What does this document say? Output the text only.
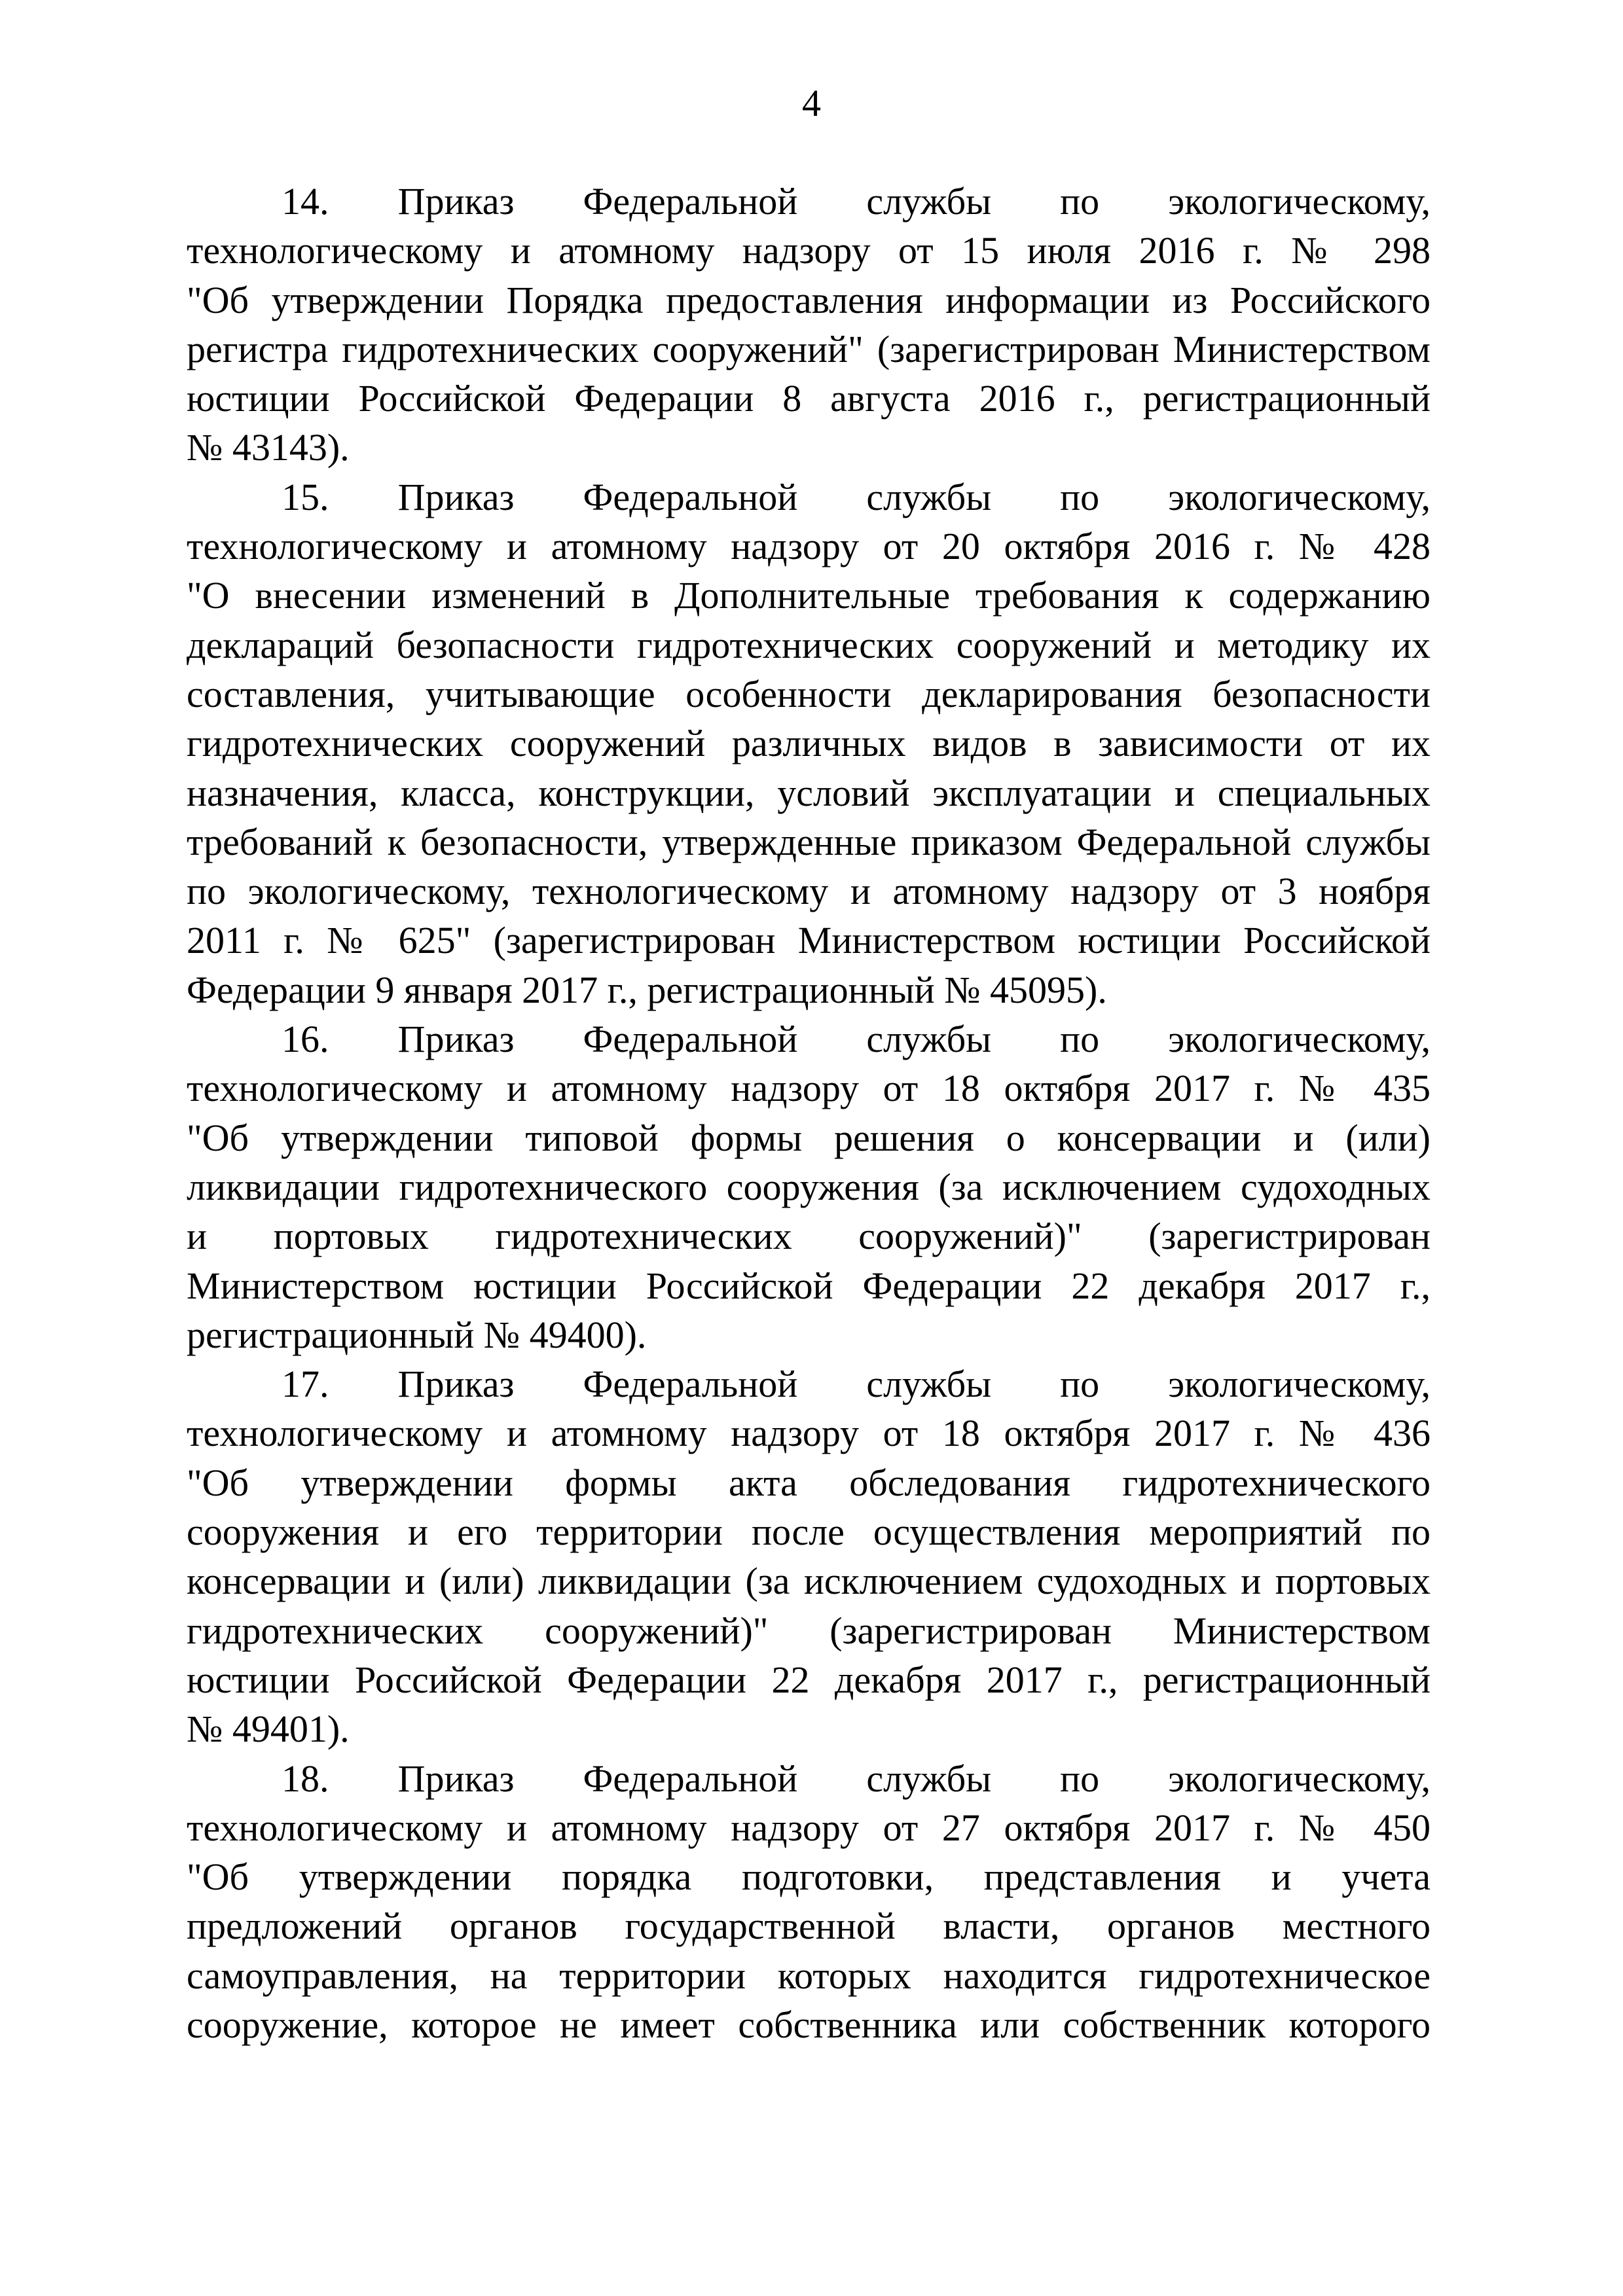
4
14. Приказ Федеральной службы по экологическому,
технологическому и атомному надзору от 15 июля 2016 г. № 298
"Об утверждении Порядка предоставления информации из Российского
регистра гидротехнических сооружений" (зарегистрирован Министерством
юстиции Российской Федерации 8 августа 2016 г., регистрационный
№ 43143).
15. Приказ Федеральной службы по экологическому,
технологическому и атомному надзору от 20 октября 2016 г. № 428
"О внесении изменений в Дополнительные требования к содержанию
деклараций безопасности гидротехнических сооружений и методику их
составления, учитывающие особенности декларирования безопасности
гидротехнических сооружений различных видов в зависимости от их
назначения, класса, конструкции, условий эксплуатации и специальных
требований к безопасности, утвержденные приказом Федеральной службы
по экологическому, технологическому и атомному надзору от 3 ноября
2011 г. № 625" (зарегистрирован Министерством юстиции Российской
Федерации 9 января 2017 г., регистрационный № 45095).
16. Приказ Федеральной службы по экологическому,
технологическому и атомному надзору от 18 октября 2017 г. № 435
"Об утверждении типовой формы решения о консервации и (или)
ликвидации гидротехнического сооружения (за исключением судоходных
и портовых гидротехнических сооружений)" (зарегистрирован
Министерством юстиции Российской Федерации 22 декабря 2017 г.,
регистрационный № 49400).
17. Приказ Федеральной службы по экологическому,
технологическому и атомному надзору от 18 октября 2017 г. № 436
"Об утверждении формы акта обследования гидротехнического
сооружения и его территории после осуществления мероприятий по
консервации и (или) ликвидации (за исключением судоходных и портовых
гидротехнических сооружений)" (зарегистрирован Министерством
юстиции Российской Федерации 22 декабря 2017 г., регистрационный
№ 49401).
18. Приказ Федеральной службы по экологическому,
технологическому и атомному надзору от 27 октября 2017 г. № 450
"Об утверждении порядка подготовки, представления и учета
предложений органов государственной власти, органов местного
самоуправления, на территории которых находится гидротехническое
сооружение, которое не имеет собственника или собственник которого
